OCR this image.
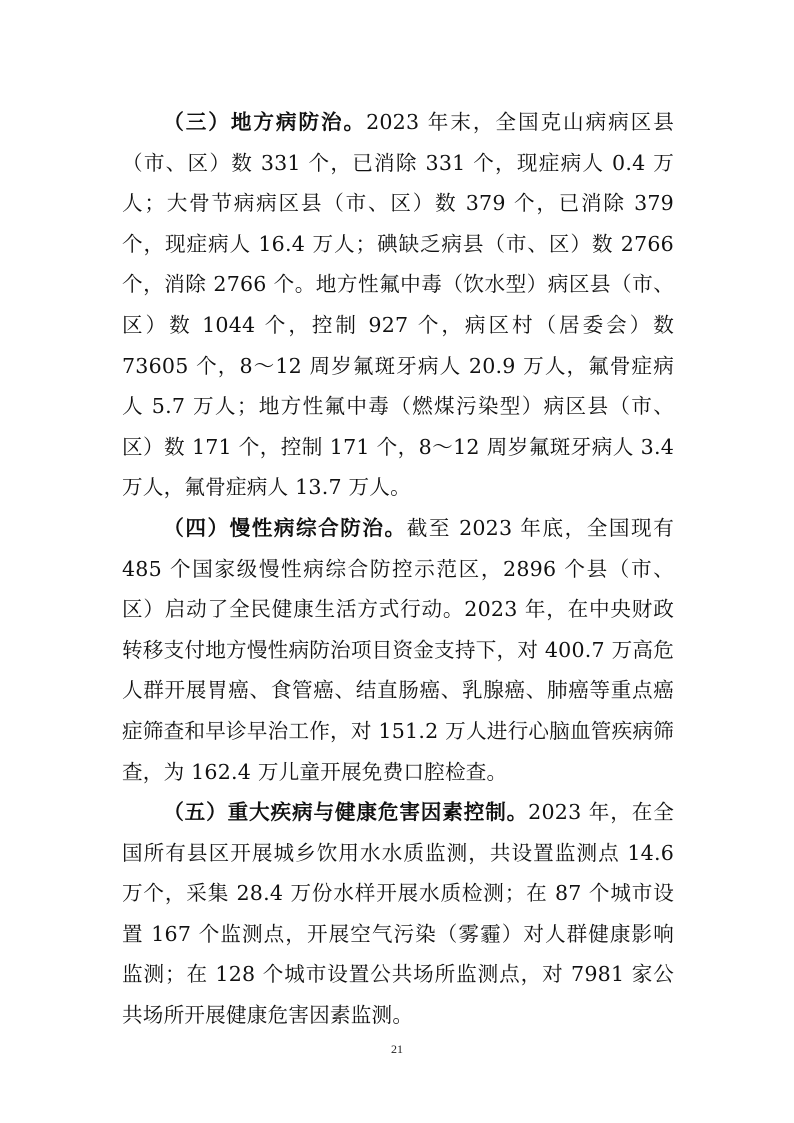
（三）地方病防治。2023 年末，全国克山病病区县（市、区）数 331 个，已消除 331 个，现症病人 0.4 万人；大骨节病病区县（市、区）数 379 个，已消除 379 个，现症病人 16.4 万人；碘缺乏病县（市、区）数 2766 个，消除 2766 个。地方性氟中毒（饮水型）病区县（市、区）数 1044 个，控制 927 个，病区村（居委会）数 73605 个，8～12 周岁氟斑牙病人 20.9 万人，氟骨症病人 5.7 万人；地方性氟中毒（燃煤污染型）病区县（市、区）数 171 个，控制 171 个，8～12 周岁氟斑牙病人 3.4 万人，氟骨症病人 13.7 万人。

（四）慢性病综合防治。截至 2023 年底，全国现有 485 个国家级慢性病综合防控示范区，2896 个县（市、区）启动了全民健康生活方式行动。2023 年，在中央财政转移支付地方慢性病防治项目资金支持下，对 400.7 万高危人群开展胃癌、食管癌、结直肠癌、乳腺癌、肺癌等重点癌症筛查和早诊早治工作，对 151.2 万人进行心脑血管疾病筛查，为 162.4 万儿童开展免费口腔检查。

（五）重大疾病与健康危害因素控制。2023 年，在全国所有县区开展城乡饮用水水质监测，共设置监测点 14.6 万个，采集 28.4 万份水样开展水质检测；在 87 个城市设置 167 个监测点，开展空气污染（雾霾）对人群健康影响监测；在 128 个城市设置公共场所监测点，对 7981 家公共场所开展健康危害因素监测。

21
